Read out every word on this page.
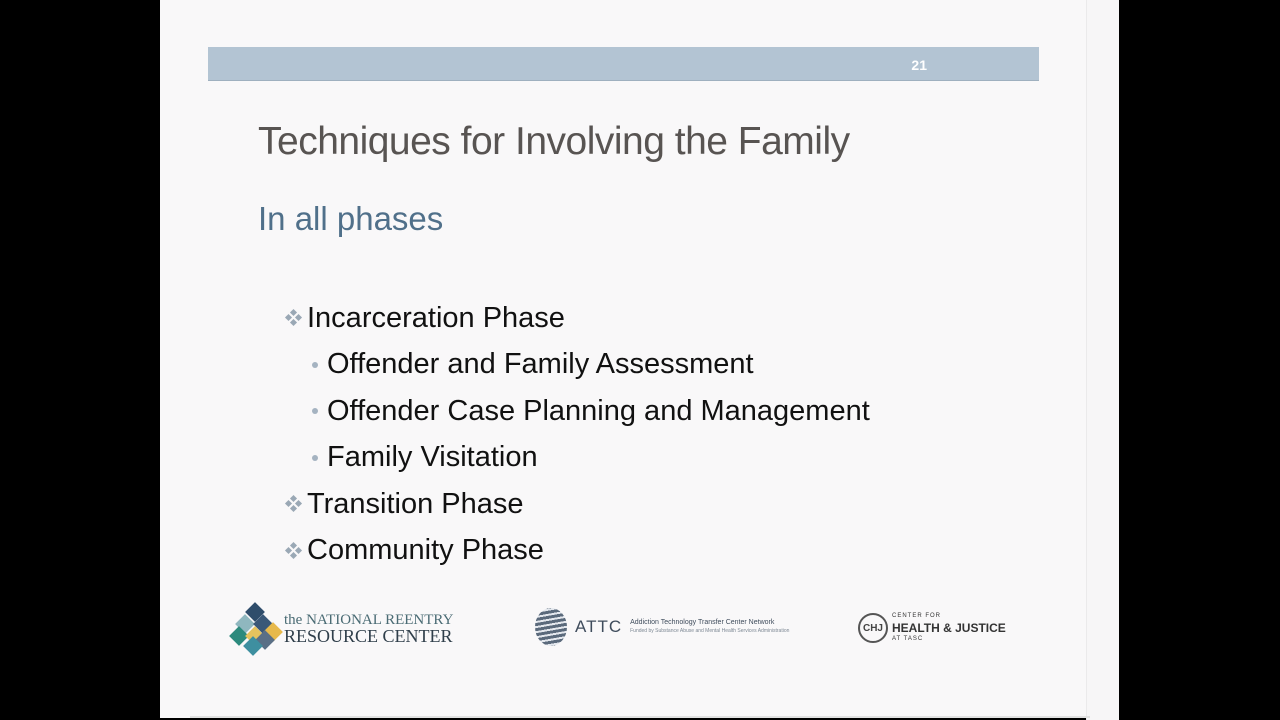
21
Techniques for Involving the Family
In all phases
Incarceration Phase
Offender and Family Assessment
Offender Case Planning and Management
Family Visitation
Transition Phase
Community Phase
the NATIONAL REENTRY
RESOURCE CENTER	ATTC Addiction Technology Transfer Center Network
Funded by Substance Abuse and Mental Health Services Administration	CHJ
CENTER FOR
HEALTH & JUSTICE
AT TASC
